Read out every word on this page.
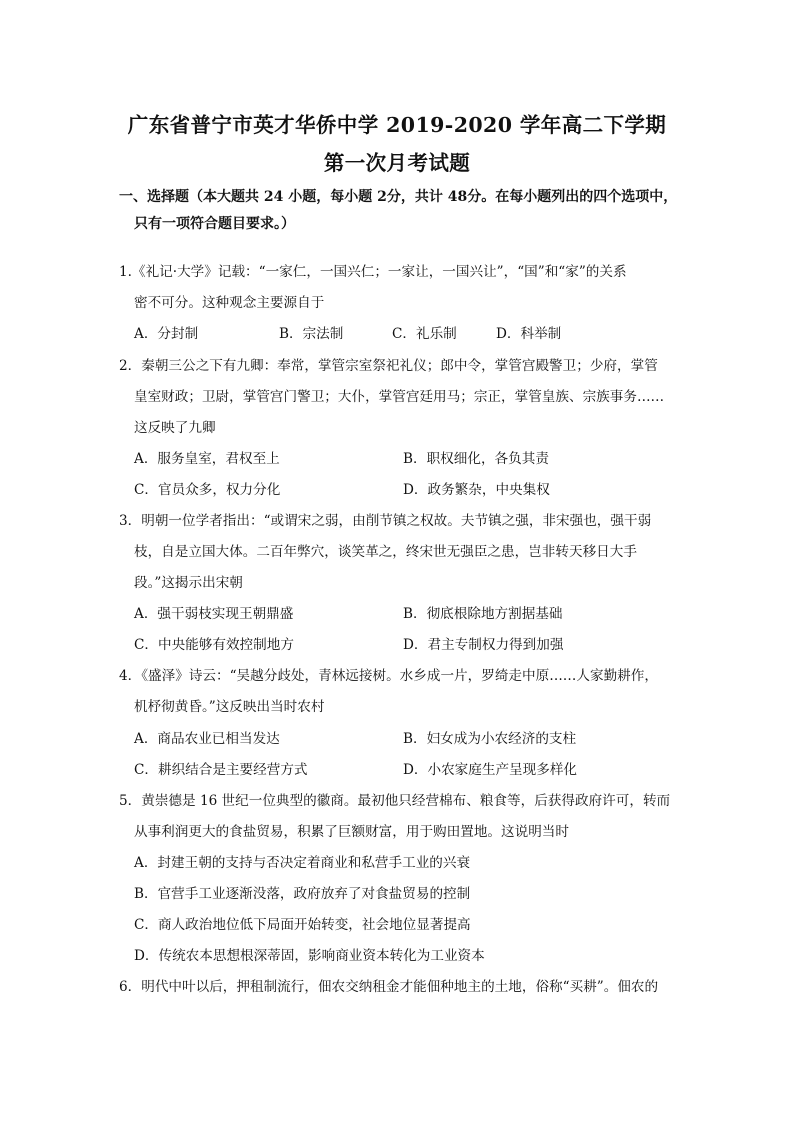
广东省普宁市英才华侨中学 2019-2020 学年高二下学期
第一次月考试题
一、选择题（本大题共 24 小题，每小题 2分，共计 48分。在每小题列出的四个选项中，
只有一项符合题目要求。）
1.《礼记·大学》记载：“一家仁，一国兴仁；一家让，一国兴让”，“国”和“家”的关系
密不可分。这种观念主要源自于
A．分封制	B．宗法制	C．礼乐制	D．科举制
2．秦朝三公之下有九卿：奉常，掌管宗室祭祀礼仪；郎中令，掌管宫殿警卫；少府，掌管
皇室财政；卫尉，掌管宫门警卫；大仆，掌管宫廷用马；宗正，掌管皇族、宗族事务……
这反映了九卿
A．服务皇室，君权至上	B．职权细化，各负其责
C．官员众多，权力分化	D．政务繁杂，中央集权
3．明朝一位学者指出：“或谓宋之弱，由削节镇之权故。夫节镇之强，非宋强也，强干弱
枝，自是立国大体。二百年弊穴，谈笑革之，终宋世无强臣之患，岂非转天移日大手
段。”这揭示出宋朝
A．强干弱枝实现王朝鼎盛	B．彻底根除地方割据基础
C．中央能够有效控制地方	D．君主专制权力得到加强
4．《盛泽》诗云：“吴越分歧处，青林远接树。水乡成一片，罗绮走中原……人家勤耕作，
机杼彻黄昏。”这反映出当时农村
A．商品农业已相当发达	B．妇女成为小农经济的支柱
C．耕织结合是主要经营方式	D．小农家庭生产呈现多样化
5．黄崇德是 16 世纪一位典型的徽商。最初他只经营棉布、粮食等，后获得政府许可，转而
从事利润更大的食盐贸易，积累了巨额财富，用于购田置地。这说明当时
A．封建王朝的支持与否决定着商业和私营手工业的兴衰
B．官营手工业逐渐没落，政府放弃了对食盐贸易的控制
C．商人政治地位低下局面开始转变，社会地位显著提高
D．传统农本思想根深蒂固，影响商业资本转化为工业资本
6．明代中叶以后，押租制流行，佃农交纳租金才能佃种地主的土地，俗称“买耕”。佃农的
